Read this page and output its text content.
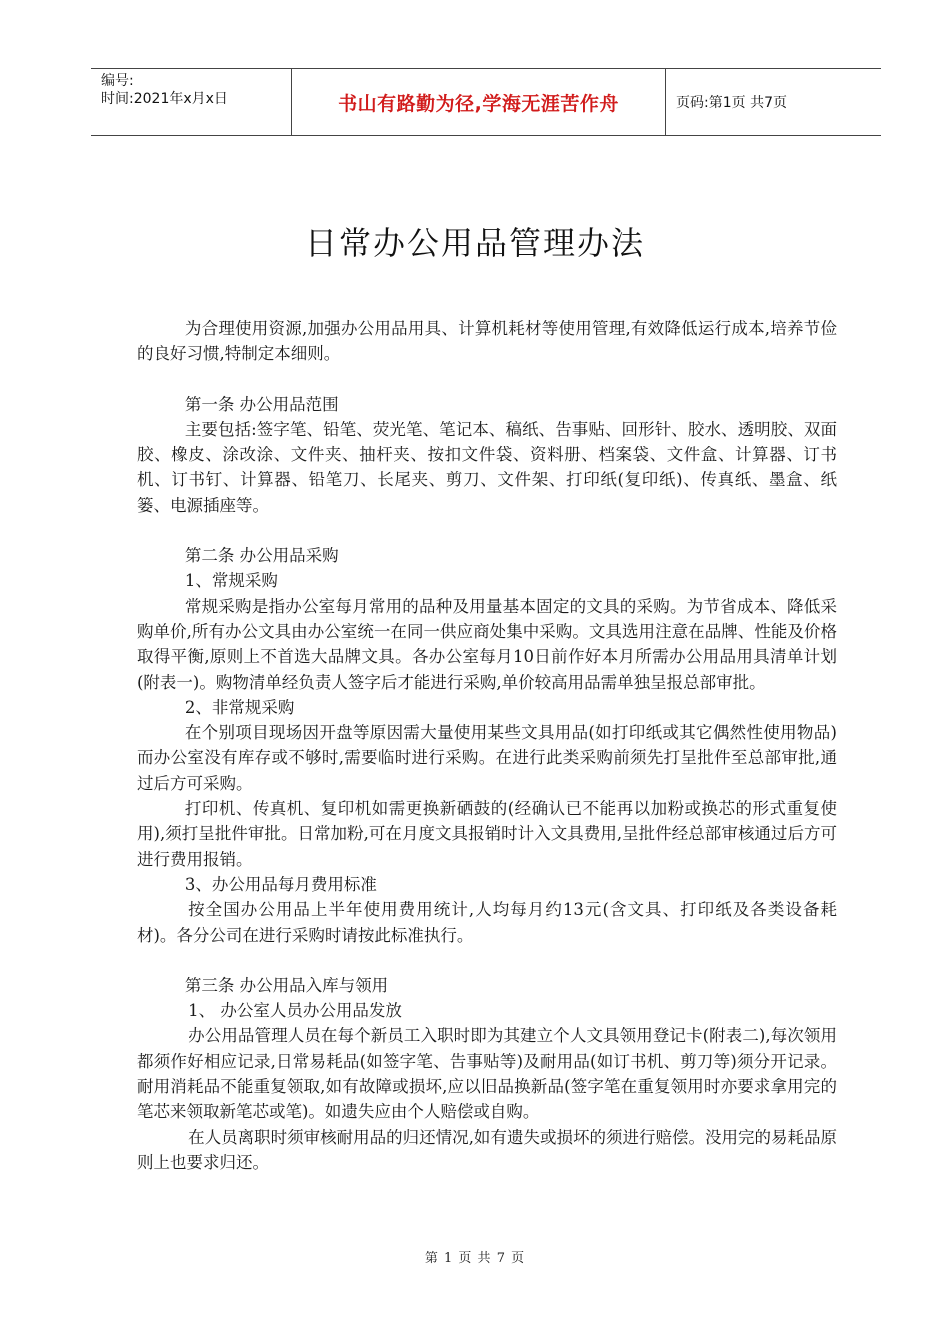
编号:
时间:2021年x月x日	书山有路勤为径,学海无涯苦作舟	页码:第1页 共7页
日常办公用品管理办法

为合理使用资源,加强办公用品用具、计算机耗材等使用管理,有效降低运行成本,培养节俭的良好习惯,特制定本细则。

第一条 办公用品范围

主要包括:签字笔、铅笔、荧光笔、笔记本、稿纸、告事贴、回形针、胶水、透明胶、双面胶、橡皮、涂改涂、文件夹、抽杆夹、按扣文件袋、资料册、档案袋、文件盒、计算器、订书机、订书钉、计算器、铅笔刀、长尾夹、剪刀、文件架、打印纸(复印纸)、传真纸、墨盒、纸篓、电源插座等。

第二条 办公用品采购

1、常规采购

常规采购是指办公室每月常用的品种及用量基本固定的文具的采购。为节省成本、降低采购单价,所有办公文具由办公室统一在同一供应商处集中采购。文具选用注意在品牌、性能及价格取得平衡,原则上不首选大品牌文具。各办公室每月10日前作好本月所需办公用品用具清单计划(附表一)。购物清单经负责人签字后才能进行采购,单价较高用品需单独呈报总部审批。

2、非常规采购

在个别项目现场因开盘等原因需大量使用某些文具用品(如打印纸或其它偶然性使用物品)而办公室没有库存或不够时,需要临时进行采购。在进行此类采购前须先打呈批件至总部审批,通过后方可采购。

打印机、传真机、复印机如需更换新硒鼓的(经确认已不能再以加粉或换芯的形式重复使用),须打呈批件审批。日常加粉,可在月度文具报销时计入文具费用,呈批件经总部审核通过后方可进行费用报销。

3、办公用品每月费用标准

按全国办公用品上半年使用费用统计,人均每月约13元(含文具、打印纸及各类设备耗材)。各分公司在进行采购时请按此标准执行。

第三条 办公用品入库与领用

1、 办公室人员办公用品发放

办公用品管理人员在每个新员工入职时即为其建立个人文具领用登记卡(附表二),每次领用都须作好相应记录,日常易耗品(如签字笔、告事贴等)及耐用品(如订书机、剪刀等)须分开记录。耐用消耗品不能重复领取,如有故障或损坏,应以旧品换新品(签字笔在重复领用时亦要求拿用完的笔芯来领取新笔芯或笔)。如遗失应由个人赔偿或自购。

在人员离职时须审核耐用品的归还情况,如有遗失或损坏的须进行赔偿。没用完的易耗品原则上也要求归还。

第 1 页 共 7 页
